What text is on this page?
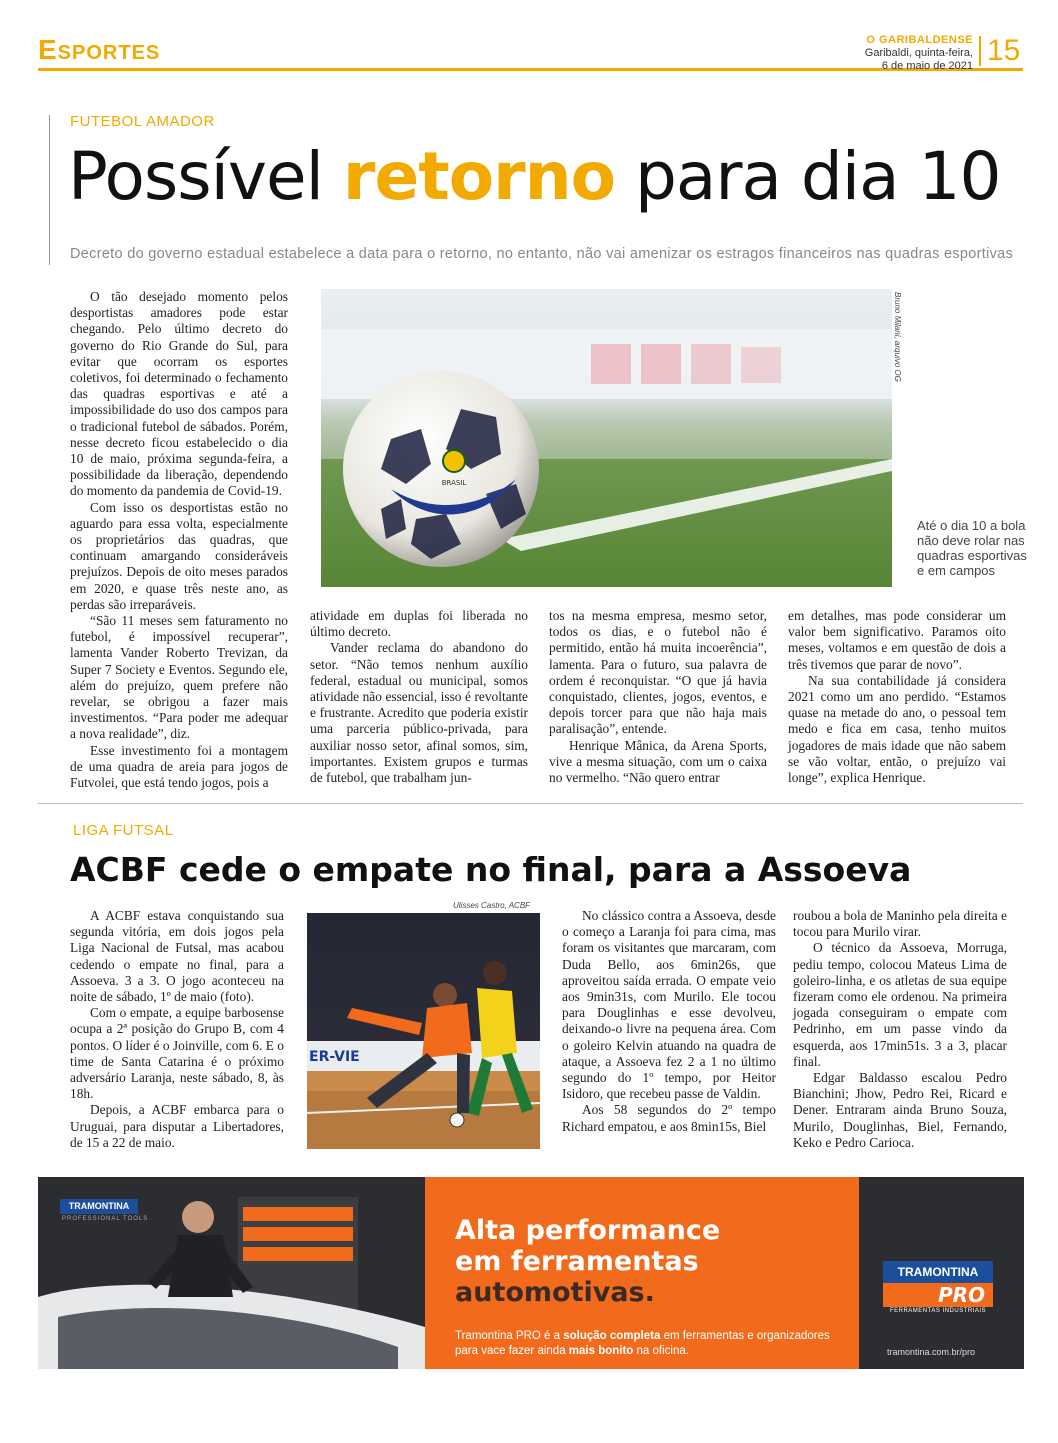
Esportes	O GARIBALDENSE
Garibaldi, quinta-feira,
6 de maio de 2021 15
FUTEBOL AMADOR
Possível retorno para dia 10
Decreto do governo estadual estabelece a data para o retorno, no entanto, não vai amenizar os estragos financeiros nas quadras esportivas

O tão desejado momento pelos desportistas amadores pode estar chegando. Pelo último decreto do governo do Rio Grande do Sul, para evitar que ocorram os esportes coletivos, foi determinado o fechamento das quadras esportivas e até a impossibilidade do uso dos campos para o tradicional futebol de sábados. Porém, nesse decreto ficou estabelecido o dia 10 de maio, próxima segunda-feira, a possibilidade da liberação, dependendo do momento da pandemia de Covid-19.

Com isso os desportistas estão no aguardo para essa volta, especialmente os proprietários das quadras, que continuam amargando consideráveis prejuízos. Depois de oito meses parados em 2020, e quase três neste ano, as perdas são irreparáveis.

“São 11 meses sem faturamento no futebol, é impossível recuperar”, lamenta Vander Roberto Trevizan, da Super 7 Society e Eventos. Segundo ele, além do prejuízo, quem prefere não revelar, se obrigou a fazer mais investimentos. “Para poder me adequar a nova realidade”, diz.

Esse investimento foi a montagem de uma quadra de areia para jogos de Futvolei, que está tendo jogos, pois a

BRASIL
Bruno Milani, arquivo OG
Até o dia 10 a bola não deve rolar nas quadras esportivas e em campos

atividade em duplas foi liberada no último decreto.

Vander reclama do abandono do setor. “Não temos nenhum auxílio federal, estadual ou municipal, somos atividade não essencial, isso é revoltante e frustrante. Acredito que poderia existir uma parceria público-privada, para auxiliar nosso setor, afinal somos, sim, importantes. Existem grupos e turmas de futebol, que trabalham jun-

tos na mesma empresa, mesmo setor, todos os dias, e o futebol não é permitido, então há muita incoerência”, lamenta. Para o futuro, sua palavra de ordem é reconquistar. “O que já havia conquistado, clientes, jogos, eventos, e depois torcer para que não haja mais paralisação”, entende.

Henrique Mânica, da Arena Sports, vive a mesma situação, com um o caixa no vermelho. “Não quero entrar

em detalhes, mas pode considerar um valor bem significativo. Paramos oito meses, voltamos e em questão de dois a três tivemos que parar de novo”.

Na sua contabilidade já considera 2021 como um ano perdido. “Estamos quase na metade do ano, o pessoal tem medo e fica em casa, tenho muitos jogadores de mais idade que não sabem se vão voltar, então, o prejuízo vai longe”, explica Henrique.

LIGA FUTSAL
ACBF cede o empate no final, para a Assoeva

A ACBF estava conquistando sua segunda vitória, em dois jogos pela Liga Nacional de Futsal, mas acabou cedendo o empate no final, para a Assoeva. 3 a 3. O jogo aconteceu na noite de sábado, 1º de maio (foto).

Com o empate, a equipe barbosense ocupa a 2ª posição do Grupo B, com 4 pontos. O líder é o Joinville, com 6. E o time de Santa Catarina é o próximo adversário Laranja, neste sábado, 8, às 18h.

Depois, a ACBF embarca para o Uruguai, para disputar a Libertadores, de 15 a 22 de maio.

Ulisses Castro, ACBF
ER-VIE

No clássico contra a Assoeva, desde o começo a Laranja foi para cima, mas foram os visitantes que marcaram, com Duda Bello, aos 6min26s, que aproveitou saída errada. O empate veio aos 9min31s, com Murilo. Ele tocou para Douglinhas e esse devolveu, deixando-o livre na pequena área. Com o goleiro Kelvin atuando na quadra de ataque, a Assoeva fez 2 a 1 no último segundo do 1º tempo, por Heitor Isidoro, que recebeu passe de Valdin.

Aos 58 segundos do 2º tempo Richard empatou, e aos 8min15s, Biel

roubou a bola de Maninho pela direita e tocou para Murilo virar.

O técnico da Assoeva, Morruga, pediu tempo, colocou Mateus Lima de goleiro-linha, e os atletas de sua equipe fizeram como ele ordenou. Na primeira jogada conseguiram o empate com Pedrinho, em um passe vindo da esquerda, aos 17min51s. 3 a 3, placar final.

Edgar Baldasso escalou Pedro Bianchini; Jhow, Pedro Rei, Ricard e Dener. Entraram ainda Bruno Souza, Murilo, Douglinhas, Biel, Fernando, Keko e Pedro Carioca.

TRAMONTINA
PROFESSIONAL TOOLS	Alta performance
em ferramentas
automotivas.
Tramontina PRO é a solução completa em ferramentas e organizadores para vace fazer ainda mais bonito na oficina.
TRAMONTINA
PRO
FERRAMENTAS INDUSTRIAIS
tramontina.com.br/pro
